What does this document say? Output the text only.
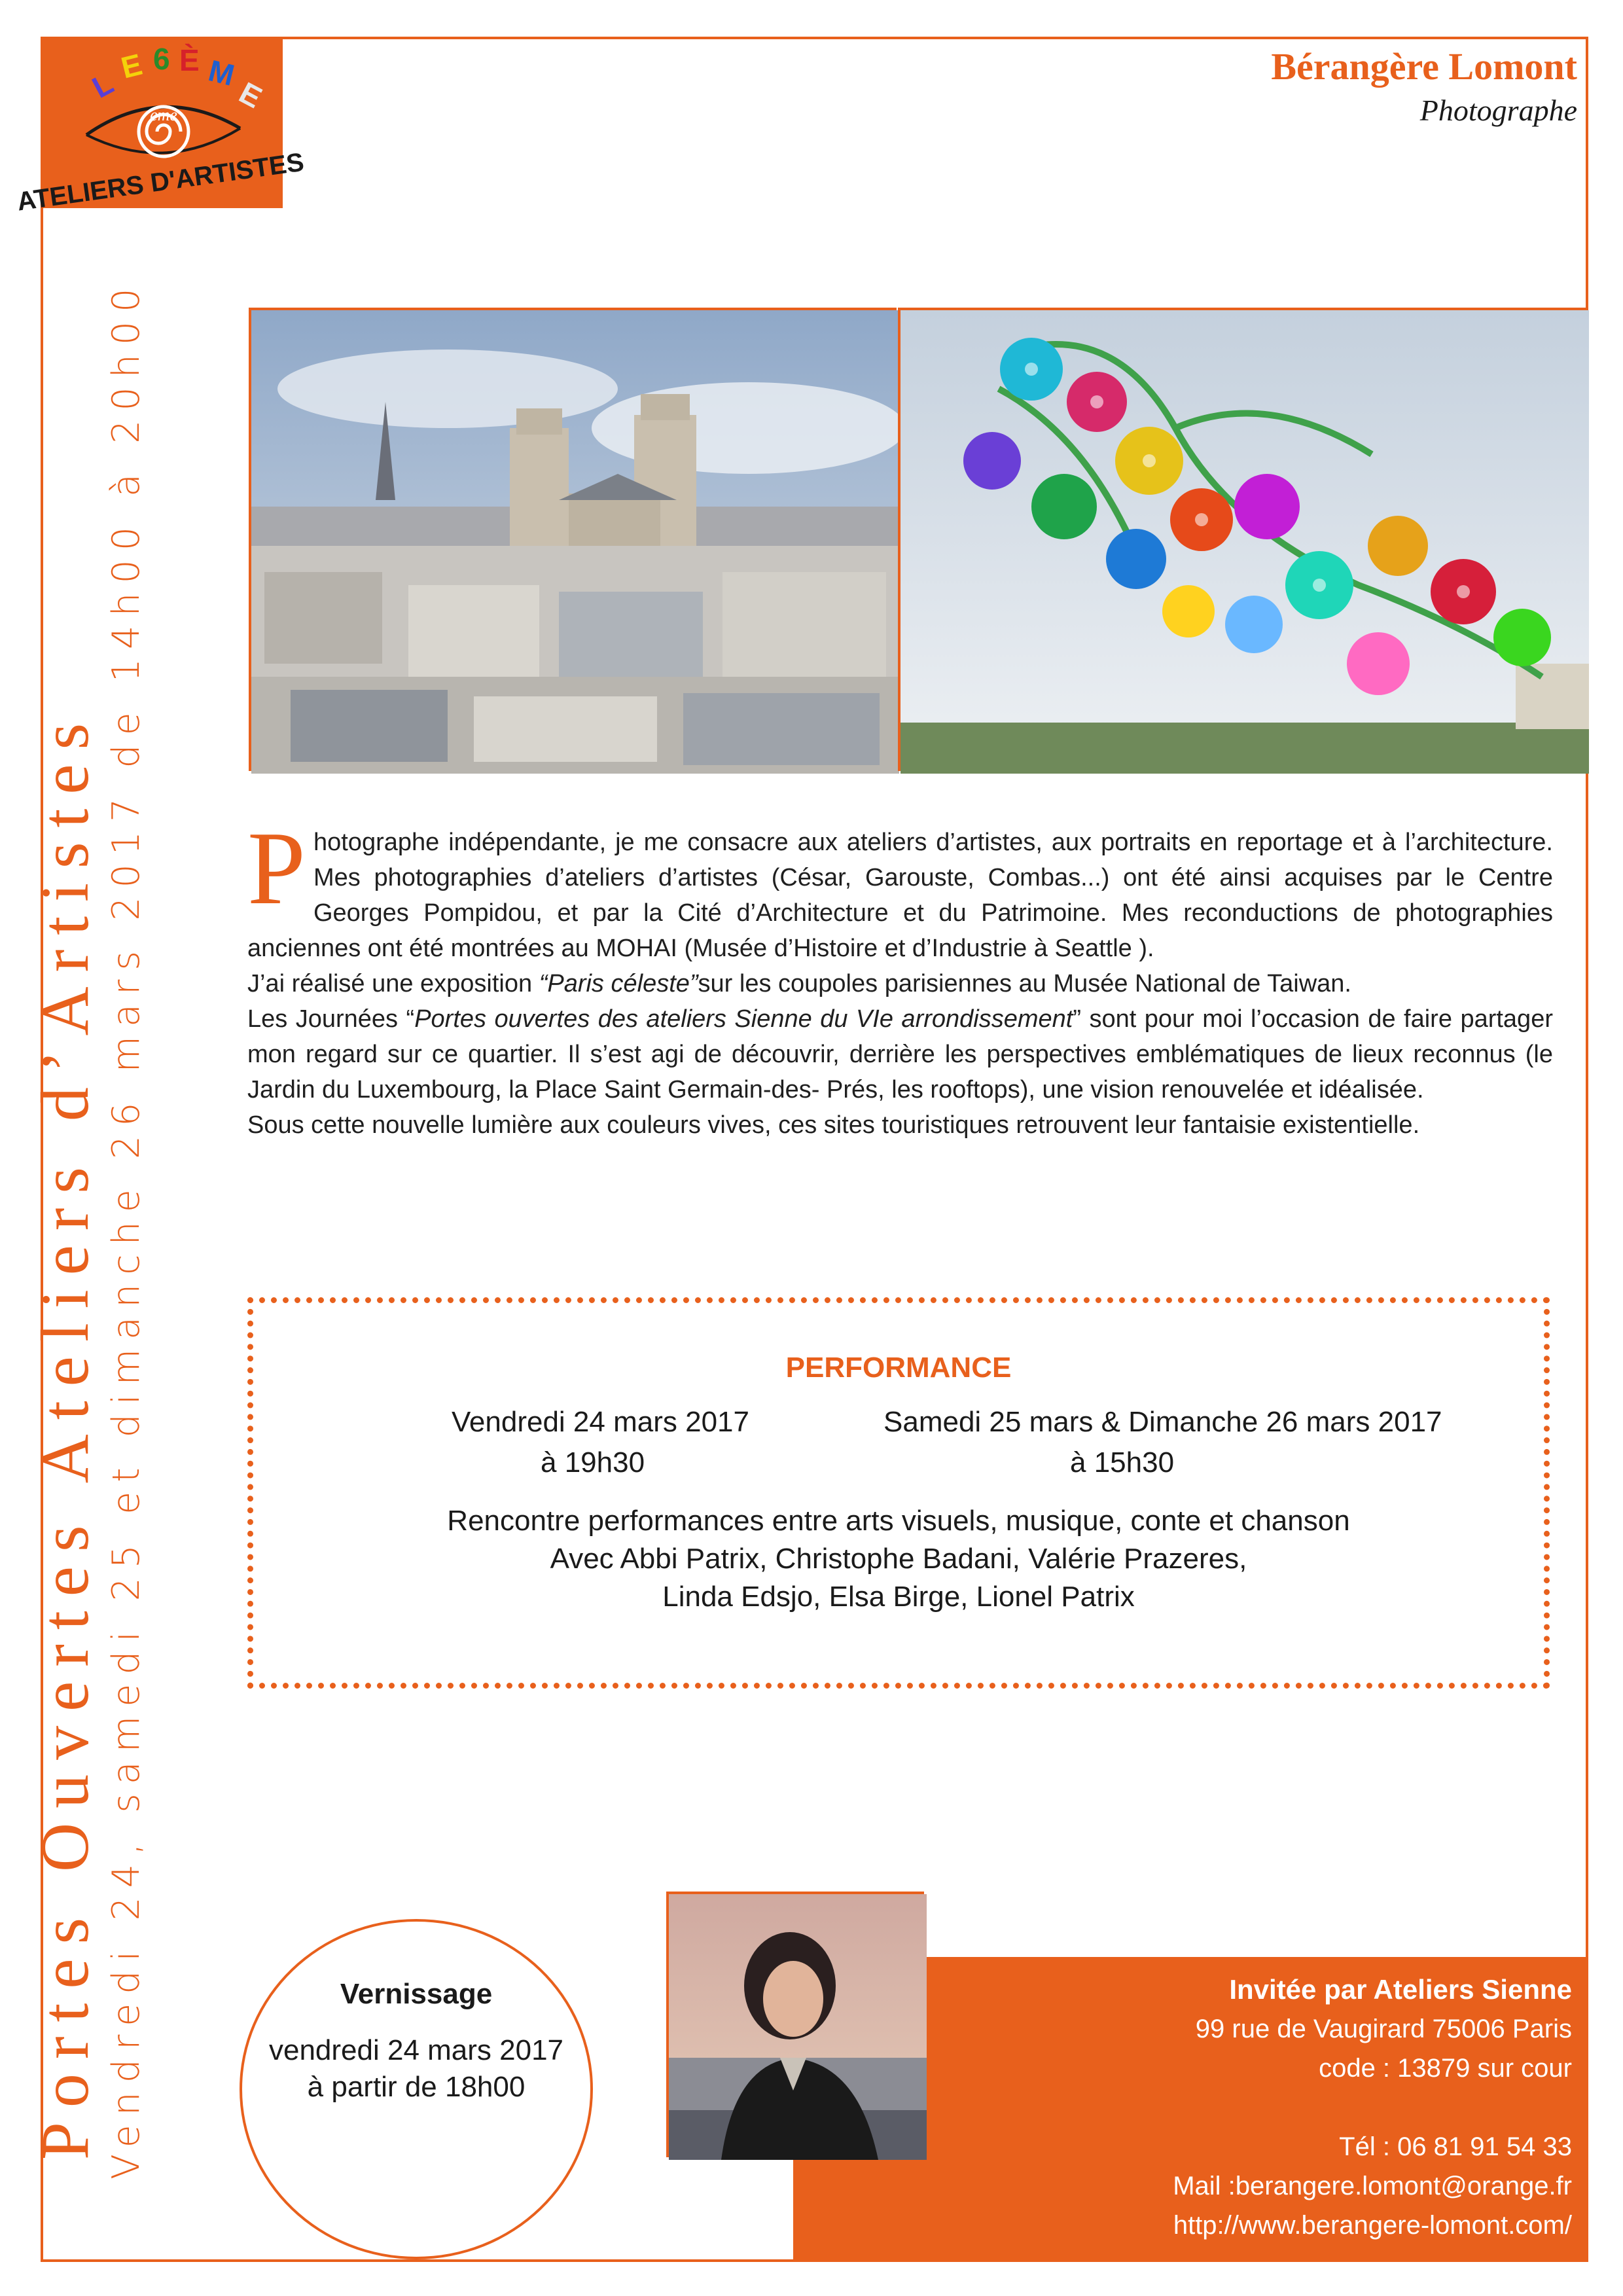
L
E 6 È M
E
eme
ATELIERS D'ARTISTES
Bérangère Lomont
Photographe
Portes Ouvertes Ateliers d’Artistes Vendredi 24, samedi 25 et dimanche 26 mars 2017 de 14h00 à 20h00 P hotographe indépendante, je me consacre aux ateliers d’artistes, aux portraits en reportage et à l’architecture. Mes photographies d’ateliers d’artistes (César, Garouste, Combas...) ont été ainsi acquises par le Centre Georges Pompidou, et par la Cité d’Architecture et du Patrimoine. Mes reconductions de photographies anciennes ont été montrées au MOHAI (Musée d’Histoire et d’Industrie à Seattle ).

J’ai réalisé une exposition “Paris céleste”sur les coupoles parisiennes au Musée National de Taiwan.

Les Journées “Portes ouvertes des ateliers Sienne du VIe arrondissement” sont pour moi l’occasion de faire partager mon regard sur ce quartier. Il s’est agi de découvrir, derrière les perspectives emblématiques de lieux reconnus (le Jardin du Luxembourg, la Place Saint Germain-des- Prés, les rooftops), une vision renouvelée et idéalisée.

Sous cette nouvelle lumière aux couleurs vives, ces sites touristiques retrouvent leur fantaisie existentielle.

PERFORMANCE
Vendredi 24 mars 2017
à 19h30
Samedi 25 mars & Dimanche 26 mars 2017
à 15h30
Rencontre performances entre arts visuels, musique, conte et chanson
Avec Abbi Patrix, Christophe Badani, Valérie Prazeres,
Linda Edsjo, Elsa Birge, Lionel Patrix
Vernissage
vendredi 24 mars 2017
à partir de 18h00
Invitée par Ateliers Sienne
99 rue de Vaugirard 75006 Paris
code : 13879 sur cour
Tél : 06 81 91 54 33
Mail :berangere.lomont@orange.fr
http://www.berangere-lomont.com/
